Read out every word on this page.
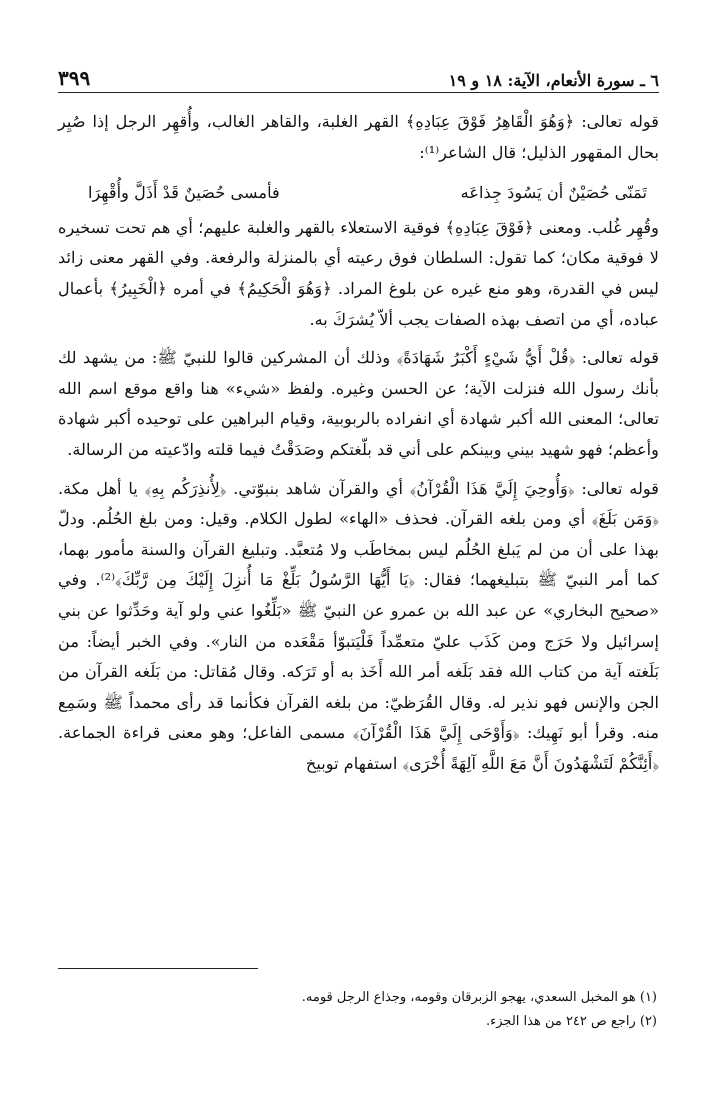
٦ ـ سورة الأنعام، الآية: ١٨ و ١٩
٣٩٩

قوله تعالى: ﴿وَهُوَ الْقَاهِرُ فَوْقَ عِبَادِهِ﴾ القهر الغلبة، والقاهر الغالب، وأُقهِر الرجل إذا صُيِر بحال المقهور الذليل؛ قال الشاعر⁽¹⁾:

تَمَنّى حُصَيْنٌ أن يَسُودَ جِذاعَه
فأمسى حُصَينٌ قَدْ أَذَلَّ وأُقْهِرَا

وقُهِر غُلب. ومعنى ﴿فَوْقَ عِبَادِهِ﴾ فوقية الاستعلاء بالقهر والغلبة عليهم؛ أي هم تحت تسخيره لا فوقية مكان؛ كما تقول: السلطان فوق رعيته أي بالمنزلة والرفعة. وفي القهر معنى زائد ليس في القدرة، وهو منع غيره عن بلوغ المراد. ﴿وَهُوَ الْحَكِيمُ﴾ في أمره ﴿الْخَبِيرُ﴾ بأعمال عباده، أي من اتصف بهذه الصفات يجب ألاّ يُشرَكَ به.

قوله تعالى: ﴿قُلْ أَيُّ شَيْءٍ أَكْبَرُ شَهَادَةً﴾ وذلك أن المشركين قالوا للنبيّ ﷺ: من يشهد لك بأنك رسول الله فنزلت الآية؛ عن الحسن وغيره. ولفظ «شيء» هنا واقع موقع اسم الله تعالى؛ المعنى الله أكبر شهادة أي انفراده بالربوبية، وقيام البراهين على توحيده أكبر شهادة وأعظم؛ فهو شهيد بيني وبينكم على أني قد بلّغتكم وصَدَقْتُ فيما قلته وادّعيته من الرسالة.

قوله تعالى: ﴿وَأُوحِيَ إِلَيَّ هَذَا الْقُرْآنُ﴾ أي والقرآن شاهد بنبوّتي. ﴿لِأُنذِرَكُم بِهِ﴾ يا أهل مكة. ﴿وَمَن بَلَغَ﴾ أي ومن بلغه القرآن. فحذف «الهاء» لطول الكلام. وقيل: ومن بلغ الحُلُم. ودلّ بهذا على أن من لم يَبلغ الحُلُم ليس بمخاطَب ولا مُتعبَّد. وتبليغ القرآن والسنة مأمور بهما، كما أمر النبيّ ﷺ بتبليغهما؛ فقال: ﴿يَا أَيُّهَا الرَّسُولُ بَلِّغْ مَا أُنزِلَ إِلَيْكَ مِن رَّبِّكَ﴾⁽²⁾. وفي «صحيح البخاري» عن عبد الله بن عمرو عن النبيّ ﷺ «بَلِّغُوا عني ولو آية وحَدِّثوا عن بني إسرائيل ولا حَرَج ومن كَذَب عليّ متعمِّداً فَلْيَتبوّأ مَقْعَده من النار». وفي الخبر أيضاً: من بَلَغته آية من كتاب الله فقد بَلَغه أمر الله أَخَذ به أو تَرَكه. وقال مُقاتل: من بَلَغه القرآن من الجن والإنس فهو نذير له. وقال القُرَظيّ: من بلغه القرآن فكأنما قد رأى محمداً ﷺ وسَمِع منه. وقرأ أبو نَهِيك: ﴿وَأَوْحَى إِلَيَّ هَذَا الْقُرْآنَ﴾ مسمى الفاعل؛ وهو معنى قراءة الجماعة. ﴿أَئِنَّكُمْ لَتَشْهَدُونَ أَنَّ مَعَ اللَّهِ آلِهَةً أُخْرَى﴾ استفهام توبيخ

(١) هو المخبل السعدي، يهجو الزبرقان وقومه، وجذاع الرجل قومه.
(٢) راجع ص ٢٤٢ من هذا الجزء.
